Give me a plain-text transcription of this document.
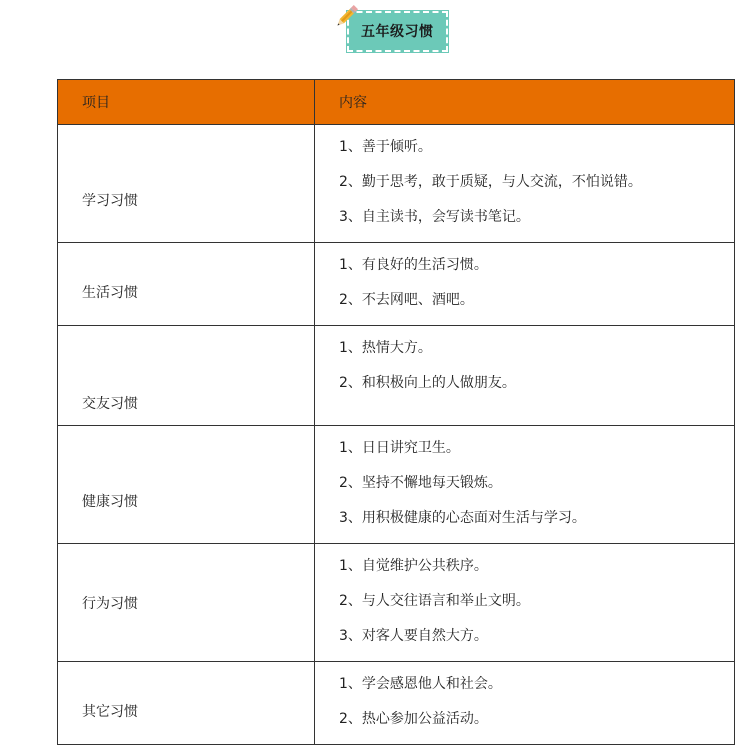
五年级习惯
项目	内容

学习习惯	1、善于倾听。
2、勤于思考，敢于质疑，与人交流，不怕说错。
3、自主读书，会写读书笔记。

生活习惯	1、有良好的生活习惯。
2、不去网吧、酒吧。

交友习惯	1、热情大方。
2、和积极向上的人做朋友。

健康习惯	1、日日讲究卫生。
2、坚持不懈地每天锻炼。
3、用积极健康的心态面对生活与学习。

行为习惯	1、自觉维护公共秩序。
2、与人交往语言和举止文明。
3、对客人要自然大方。

其它习惯	1、学会感恩他人和社会。
2、热心参加公益活动。
